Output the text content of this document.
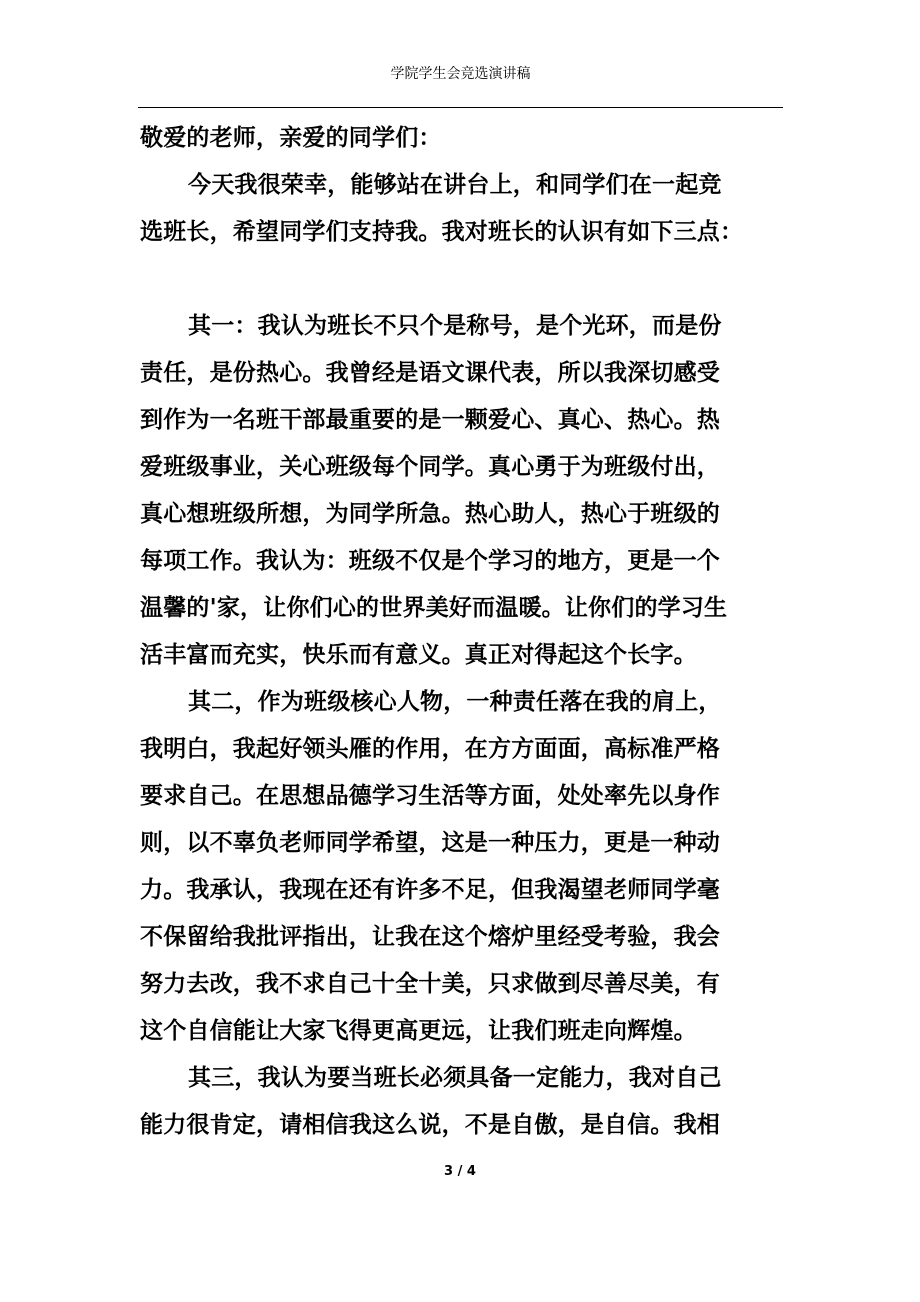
学院学生会竞选演讲稿

敬爱的老师，亲爱的同学们：

今天我很荣幸，能够站在讲台上，和同学们在一起竞

选班长，希望同学们支持我。我对班长的认识有如下三点：

其一：我认为班长不只个是称号，是个光环，而是份

责任，是份热心。我曾经是语文课代表，所以我深切感受

到作为一名班干部最重要的是一颗爱心、真心、热心。热

爱班级事业，关心班级每个同学。真心勇于为班级付出，

真心想班级所想，为同学所急。热心助人，热心于班级的

每项工作。我认为：班级不仅是个学习的地方，更是一个

温馨的'家，让你们心的世界美好而温暖。让你们的学习生

活丰富而充实，快乐而有意义。真正对得起这个长字。

其二，作为班级核心人物，一种责任落在我的肩上，

我明白，我起好领头雁的作用，在方方面面，高标准严格

要求自己。在思想品德学习生活等方面，处处率先以身作

则，以不辜负老师同学希望，这是一种压力，更是一种动

力。我承认，我现在还有许多不足，但我渴望老师同学毫

不保留给我批评指出，让我在这个熔炉里经受考验，我会

努力去改，我不求自己十全十美，只求做到尽善尽美，有

这个自信能让大家飞得更高更远，让我们班走向辉煌。

其三，我认为要当班长必须具备一定能力，我对自己

能力很肯定，请相信我这么说，不是自傲，是自信。我相

3 / 4
